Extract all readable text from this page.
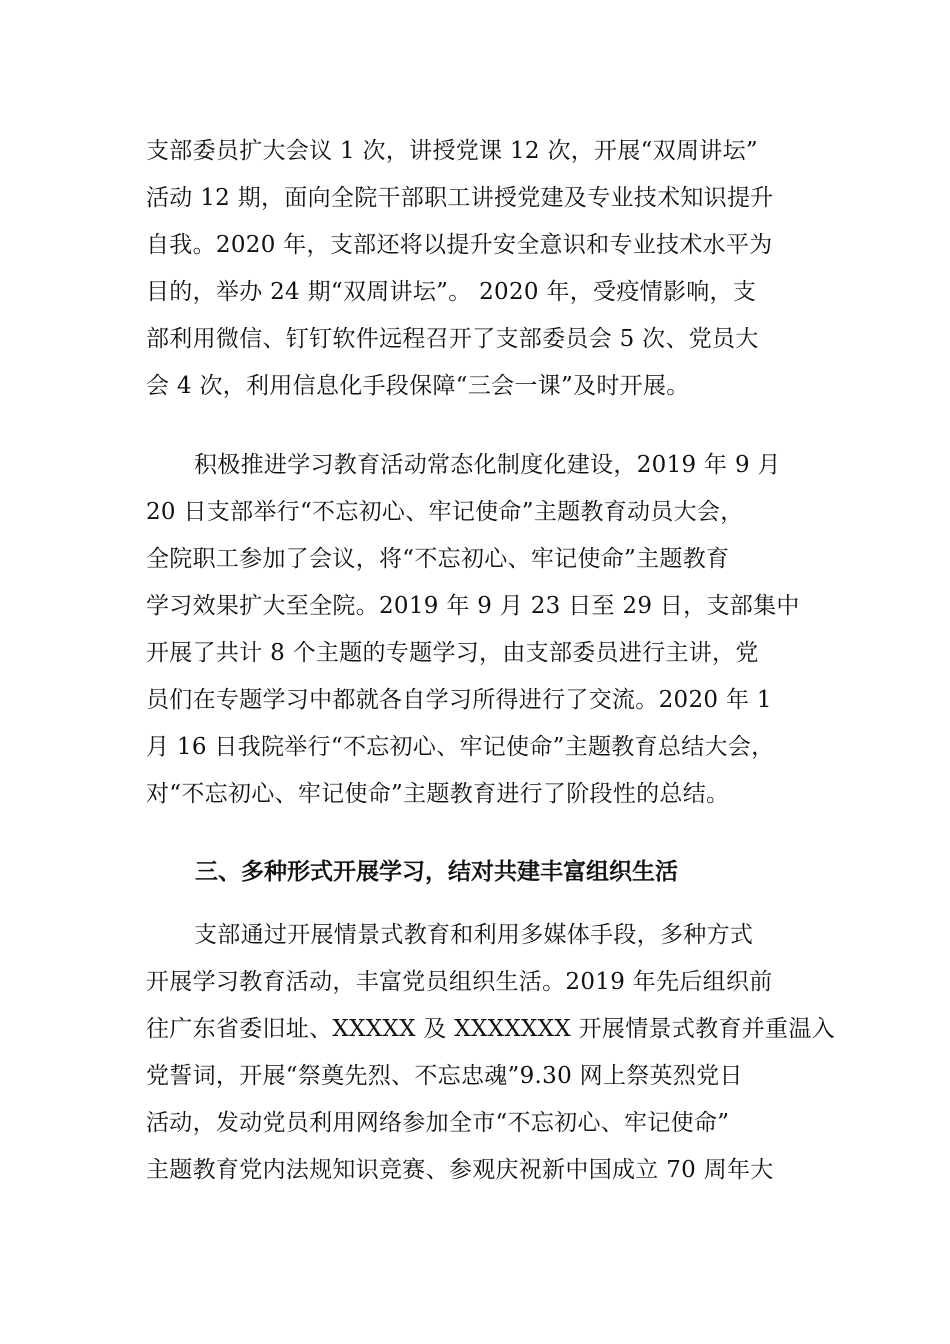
支部委员扩大会议 1 次，讲授党课 12 次，开展“双周讲坛”
活动 12 期，面向全院干部职工讲授党建及专业技术知识提升
自我。2020 年，支部还将以提升安全意识和专业技术水平为
目的，举办 24 期“双周讲坛”。 2020 年，受疫情影响，支
部利用微信、钉钉软件远程召开了支部委员会 5 次、党员大
会 4 次，利用信息化手段保障“三会一课”及时开展。
积极推进学习教育活动常态化制度化建设，2019 年 9 月
20 日支部举行“不忘初心、牢记使命”主题教育动员大会，
全院职工参加了会议，将“不忘初心、牢记使命”主题教育
学习效果扩大至全院。2019 年 9 月 23 日至 29 日，支部集中
开展了共计 8 个主题的专题学习，由支部委员进行主讲，党
员们在专题学习中都就各自学习所得进行了交流。2020 年 1
月 16 日我院举行“不忘初心、牢记使命”主题教育总结大会，
对“不忘初心、牢记使命”主题教育进行了阶段性的总结。
三、多种形式开展学习，结对共建丰富组织生活
支部通过开展情景式教育和利用多媒体手段，多种方式
开展学习教育活动，丰富党员组织生活。2019 年先后组织前
往广东省委旧址、XXXXX 及 XXXXXXX 开展情景式教育并重温入
党誓词，开展“祭奠先烈、不忘忠魂”9.30 网上祭英烈党日
活动，发动党员利用网络参加全市“不忘初心、牢记使命”
主题教育党内法规知识竞赛、参观庆祝新中国成立 70 周年大
